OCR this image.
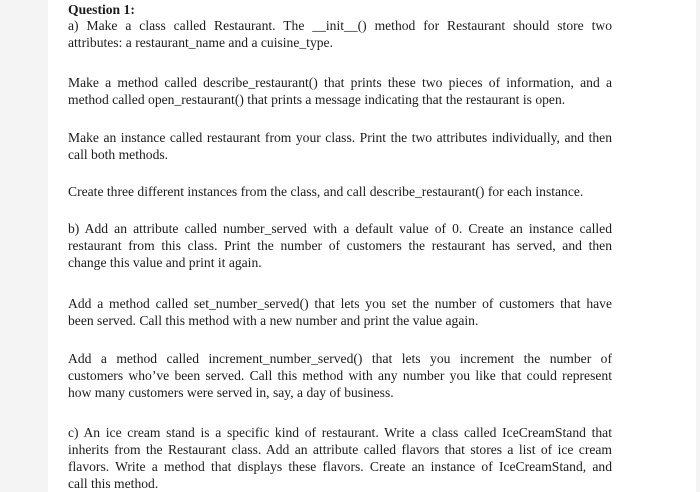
Question 1:

a) Make a class called Restaurant. The __init__() method for Restaurant should store two
attributes: a restaurant_name and a cuisine_type.

Make a method called describe_restaurant() that prints these two pieces of information, and a
method called open_restaurant() that prints a message indicating that the restaurant is open.

Make an instance called restaurant from your class. Print the two attributes individually, and then
call both methods.

Create three different instances from the class, and call describe_restaurant() for each instance.

b) Add an attribute called number_served with a default value of 0. Create an instance called
restaurant from this class. Print the number of customers the restaurant has served, and then
change this value and print it again.

Add a method called set_number_served() that lets you set the number of customers that have
been served. Call this method with a new number and print the value again.

Add a method called increment_number_served() that lets you increment the number of
customers who’ve been served. Call this method with any number you like that could represent
how many customers were served in, say, a day of business.

c) An ice cream stand is a specific kind of restaurant. Write a class called IceCreamStand that
inherits from the Restaurant class. Add an attribute called flavors that stores a list of ice cream
flavors. Write a method that displays these flavors. Create an instance of IceCreamStand, and
call this method.
